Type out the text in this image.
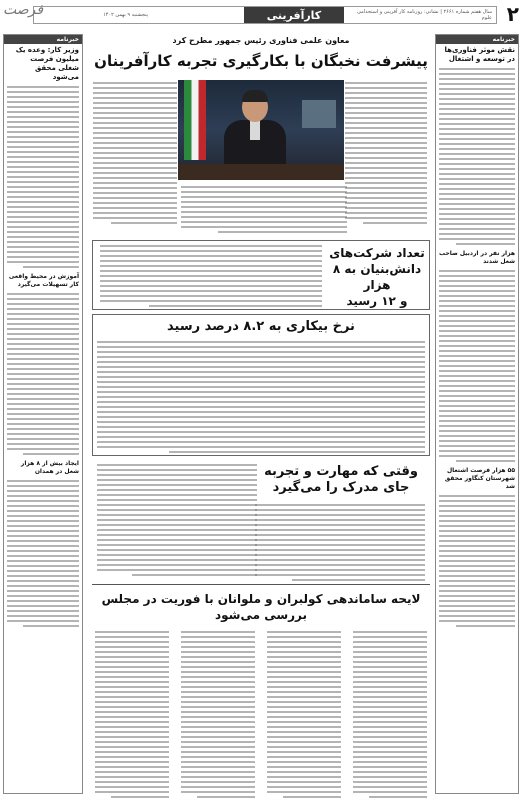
۲
سال هفتم شماره ۲۶۶۱ | نشانی: روزنامه کار آفرینی و استخدامی علوم
کارآفرینی
پنجشنبه ۹ بهمن ۱۴۰۲
فرصت
خبرنامه
نقش موثر فناوری‌ها در توسعه و اشتغال
هزار نفر در اردبیل صاحب شغل شدند
۵۵ هزار فرصت اشتغال شهرستان کنگاور محقق شد
خبرنامه
وزیر کار: وعده یک میلیون فرصت شغلی محقق می‌شود
آموزش در محیط واقعی کار تسهیلات می‌گیرد
ایجاد بیش از ۸ هزار شغل در همدان
معاون علمی فناوری رئیس جمهور مطرح کرد
پیشرفت نخبگان با بکارگیری تجربه کارآفرینان
تعداد شرکت‌های
دانش‌بنیان به ۸ هزار
و ۱۲ رسید
نرخ بیکاری به ۸.۲ درصد رسید
وقتی که مهارت و تجربه
جای مدرک را می‌گیرد
لایحه ساماندهی کولبران و ملوانان با فوریت در مجلس بررسی می‌شود
